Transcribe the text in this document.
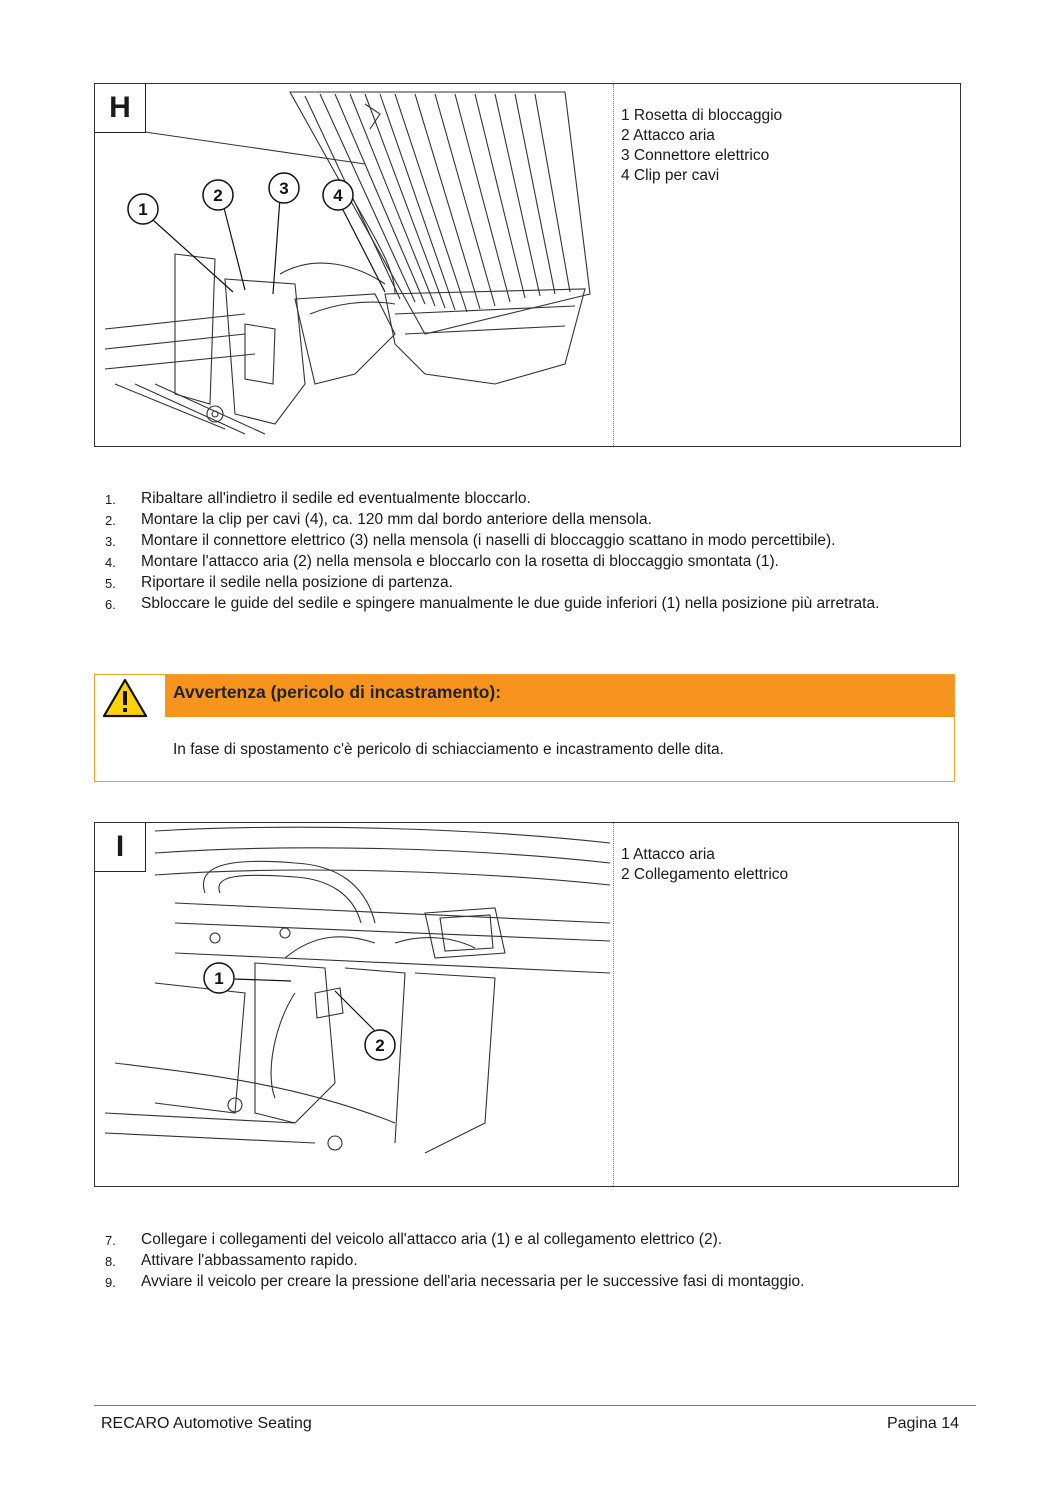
H
1
2	3	4
1 Rosetta di bloccaggio
2 Attacco aria
3 Connettore elettrico
4 Clip per cavi
1. Ribaltare all'indietro il sedile ed eventualmente bloccarlo.
2. Montare la clip per cavi (4), ca. 120 mm dal bordo anteriore della mensola.
3. Montare il connettore elettrico (3) nella mensola (i naselli di bloccaggio scattano in modo percettibile).
4. Montare l'attacco aria (2) nella mensola e bloccarlo con la rosetta di bloccaggio smontata (1).
5. Riportare il sedile nella posizione di partenza.
6. Sbloccare le guide del sedile e spingere manualmente le due guide inferiori (1) nella posizione più arretrata.
Avvertenza (pericolo di incastramento):
In fase di spostamento c'è pericolo di schiacciamento e incastramento delle dita.
I
1
2
1 Attacco aria
2 Collegamento elettrico
7. Collegare i collegamenti del veicolo all'attacco aria (1) e al collegamento elettrico (2).
8. Attivare l'abbassamento rapido.
9. Avviare il veicolo per creare la pressione dell'aria necessaria per le successive fasi di montaggio.
RECARO Automotive Seating	Pagina 14
